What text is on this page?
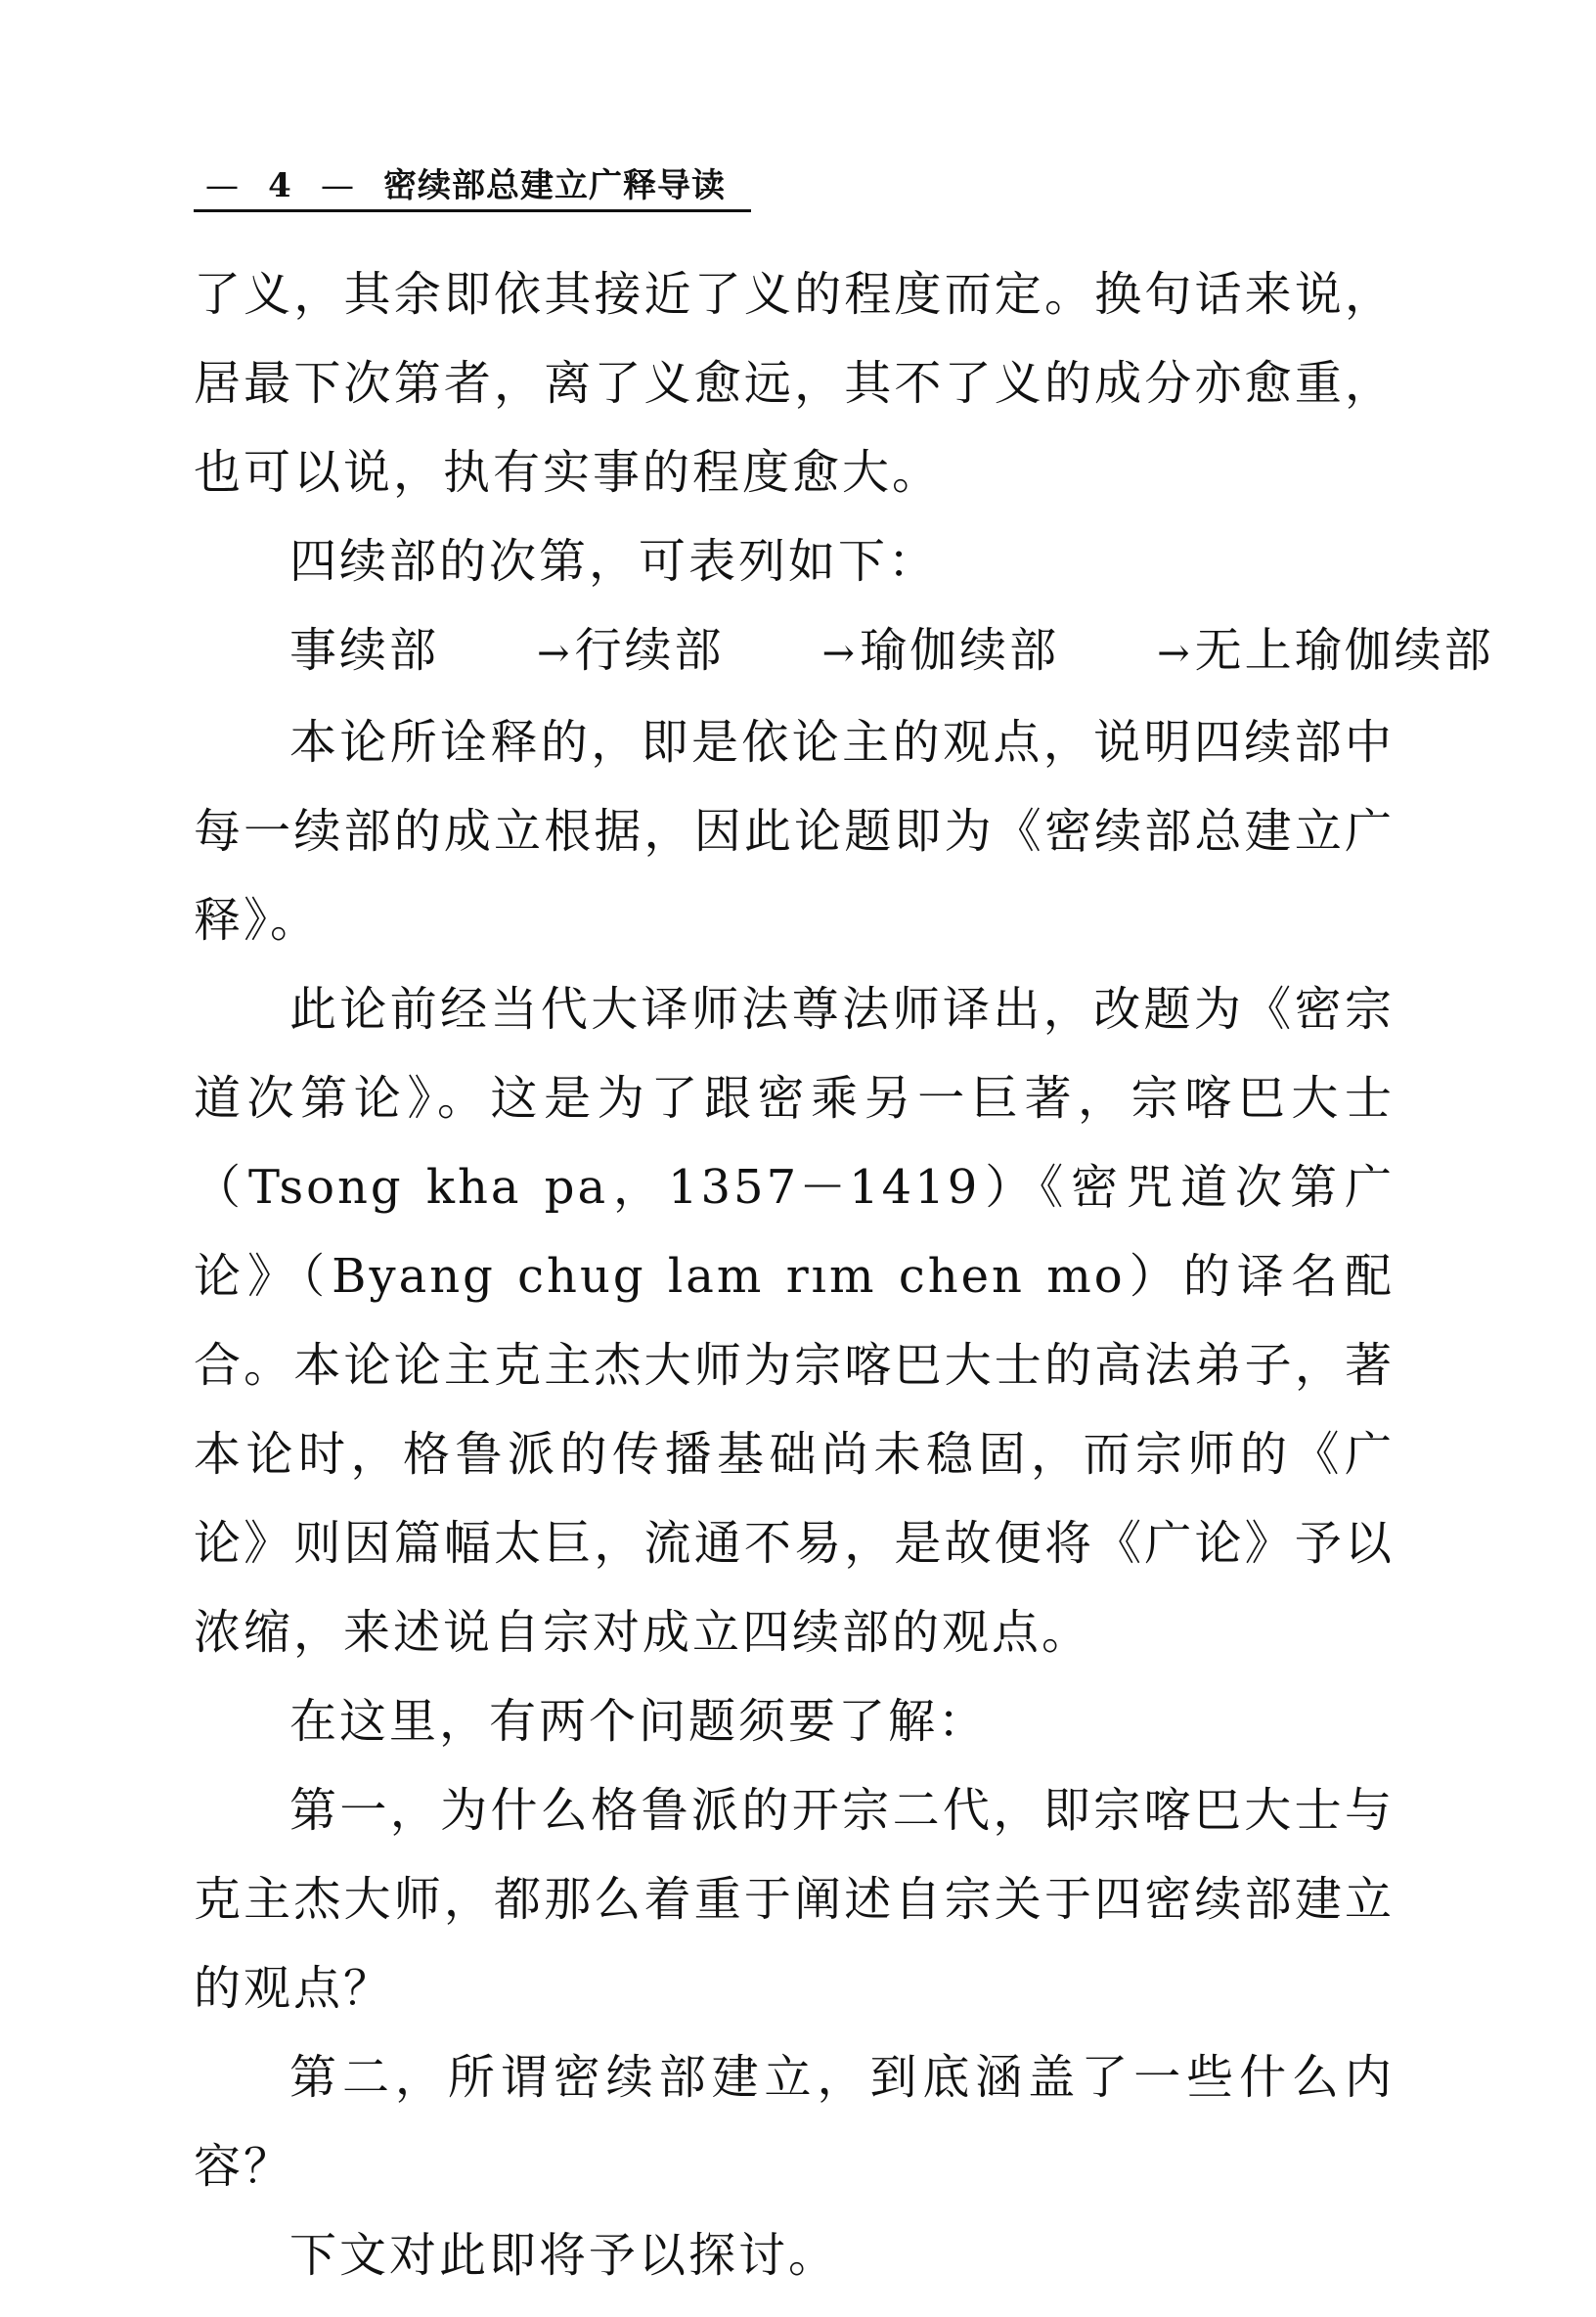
— 4 — 密续部总建立广释导读

了义，其余即依其接近了义的程度而定。换句话来说，居最下次第者，离了义愈远，其不了义的成分亦愈重，也可以说，执有实事的程度愈大。

四续部的次第，可表列如下：

事续部	→行续部	→瑜伽续部	→无上瑜伽续部

本论所诠释的，即是依论主的观点，说明四续部中每一续部的成立根据，因此论题即为《密续部总建立广释》。

此论前经当代大译师法尊法师译出，改题为《密宗道次第论》。这是为了跟密乘另一巨著，宗喀巴大士（Tsong kha pa，1357－1419）《密咒道次第广论》（Byang chug lam rım chen mo）的译名配合。本论论主克主杰大师为宗喀巴大士的高法弟子，著本论时，格鲁派的传播基础尚未稳固，而宗师的《广论》则因篇幅太巨，流通不易，是故便将《广论》予以浓缩，来述说自宗对成立四续部的观点。

在这里，有两个问题须要了解：

第一，为什么格鲁派的开宗二代，即宗喀巴大士与克主杰大师，都那么着重于阐述自宗关于四密续部建立的观点？

第二，所谓密续部建立，到底涵盖了一些什么内容？

下文对此即将予以探讨。
